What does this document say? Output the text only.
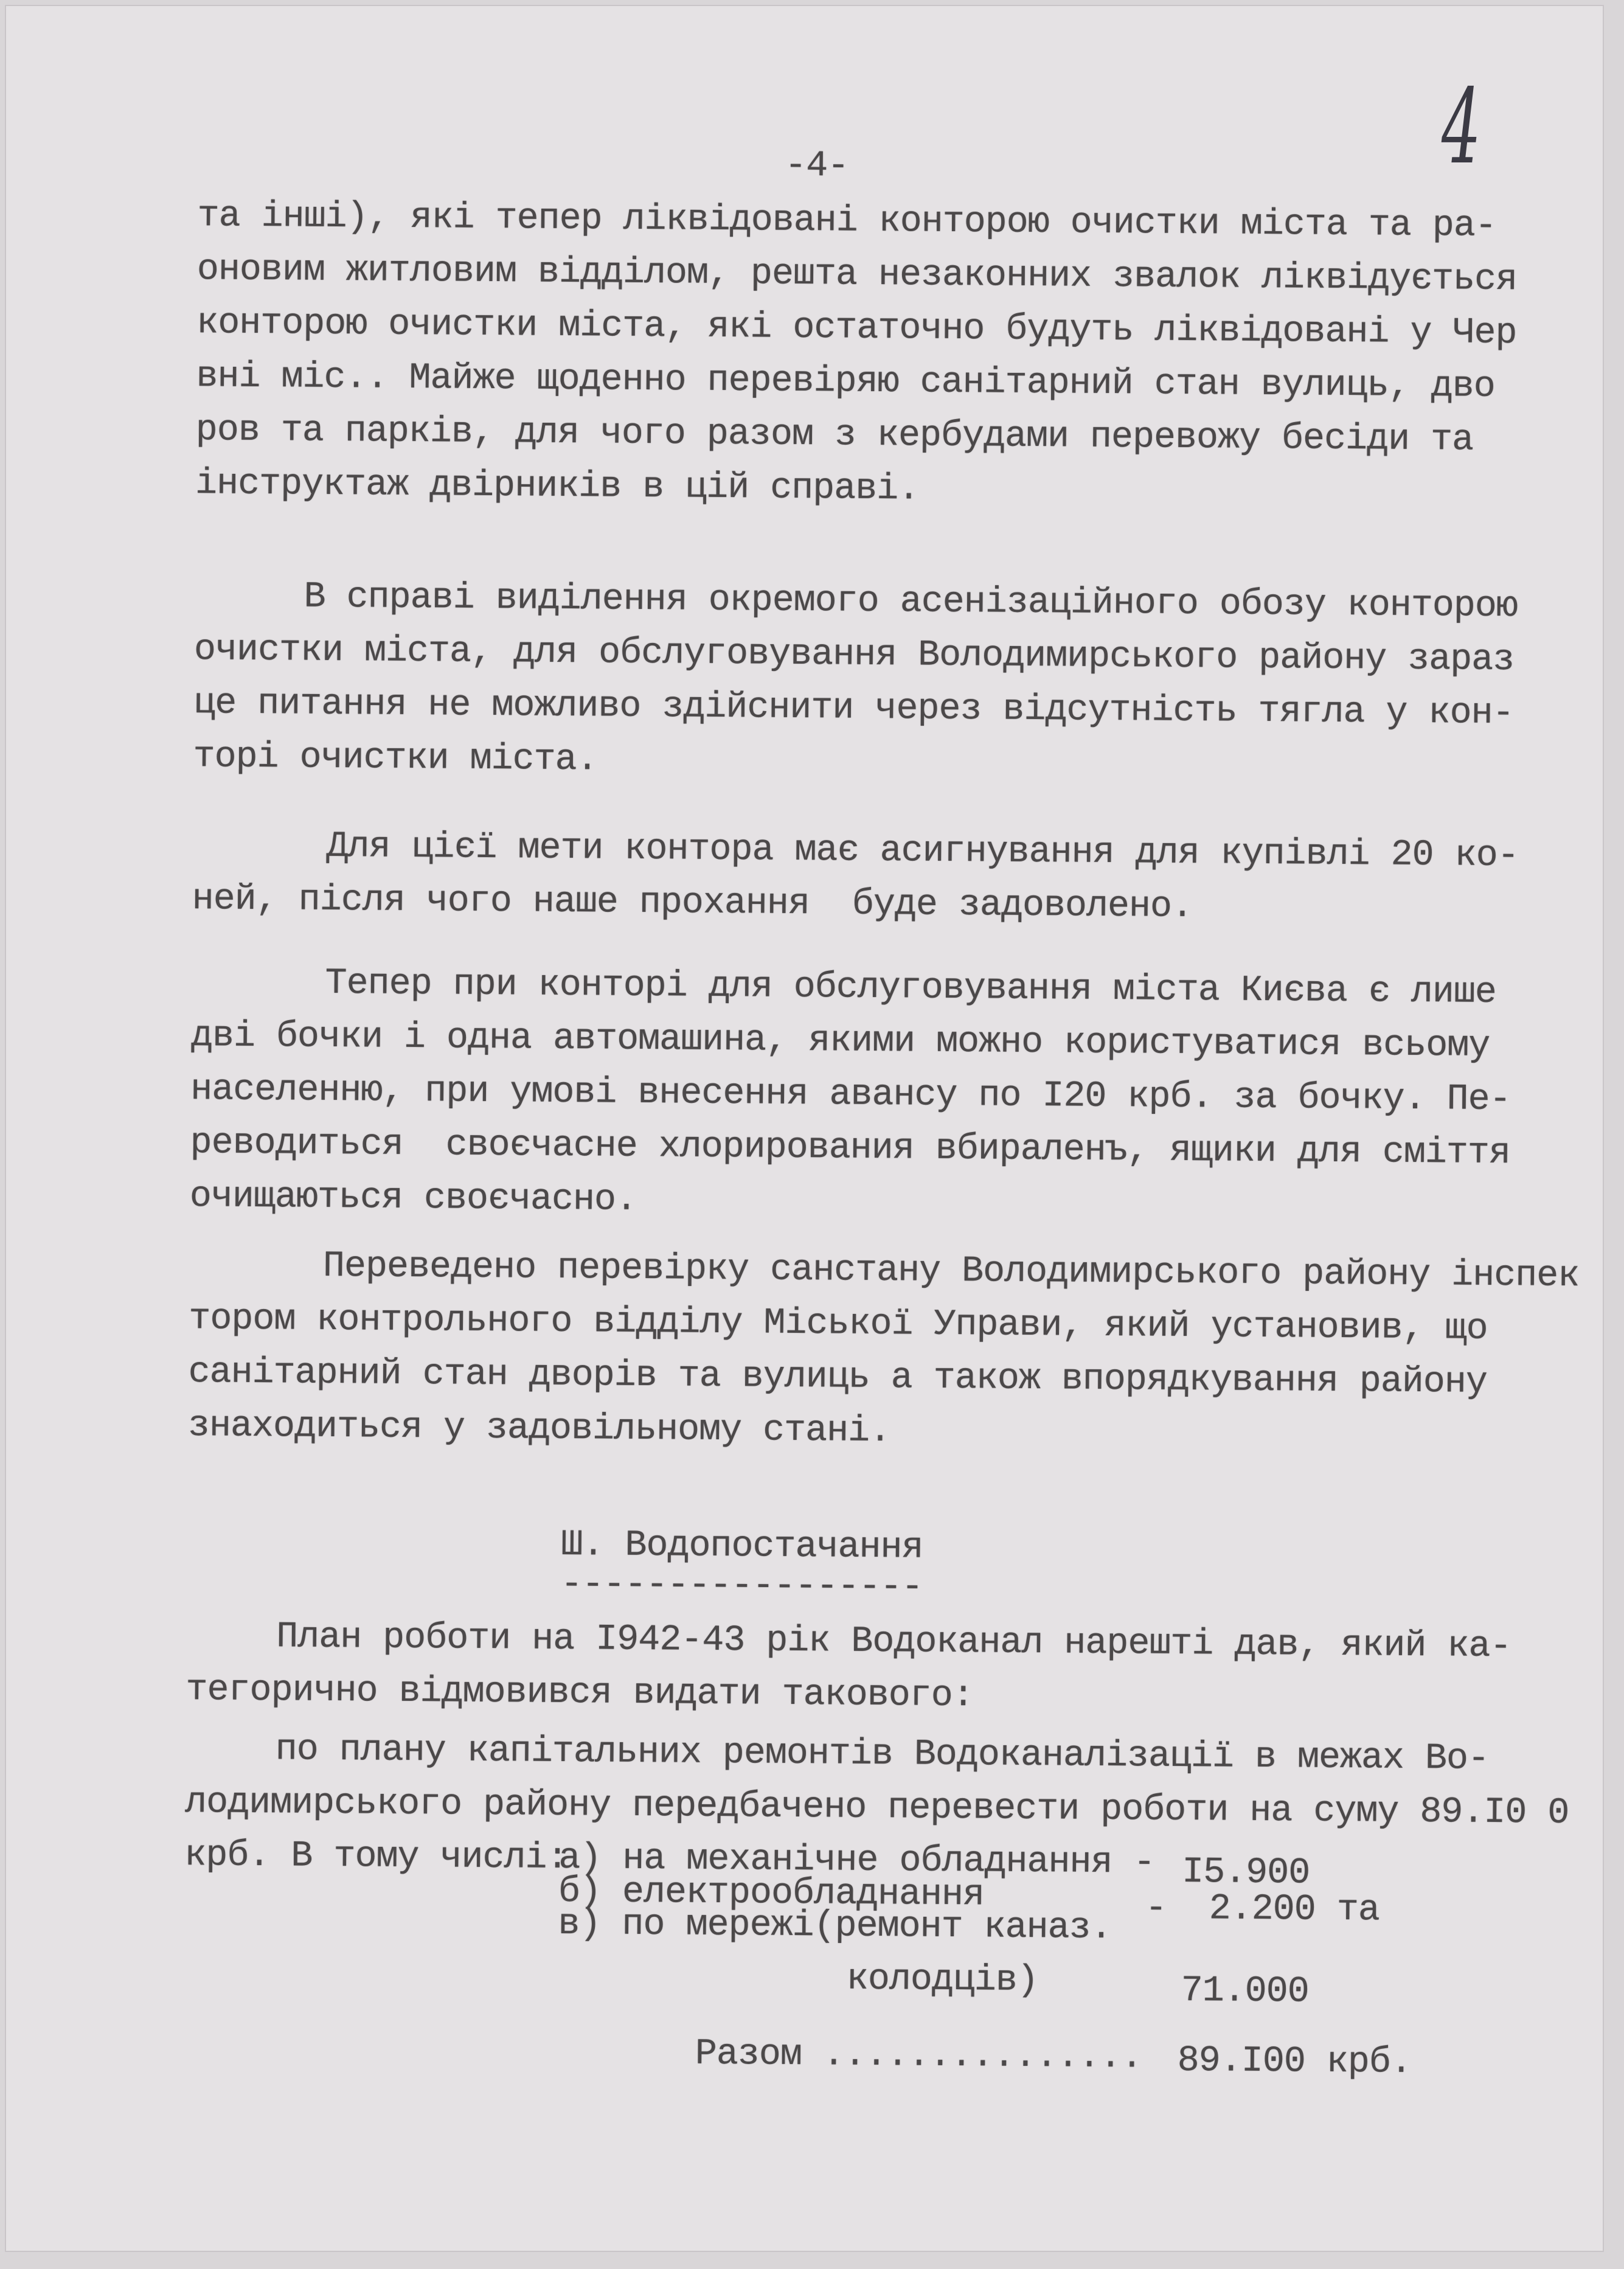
4
-4-
та інші), які тепер ліквідовані конторою очистки міста та ра-
оновим житловим відділом, решта незаконних звалок ліквідується
конторою очистки міста, які остаточно будуть ліквідовані у Чер
вні міс.. Майже щоденно перевіряю санітарний стан вулиць, дво
ров та парків, для чого разом з кербудами перевожу бесіди та
інструктаж двірників в цій справі.
В справі виділення окремого асенізаційного обозу конторою
очистки міста, для обслуговування Володимирського району зараз
це питання не можливо здійснити через відсутність тягла у кон-
торі очистки міста.
Для цієї мети контора має асигнування для купівлі 20 ко-
ней, після чого наше прохання  буде задоволено.
Тепер при конторі для обслуговування міста Києва є лише
дві бочки і одна автомашина, якими можно користуватися всьому
населенню, при умові внесення авансу по I20 крб. за бочку. Пе-
реводиться  своєчасне хлорирования вбираленъ, ящики для сміття
очищаються своєчасно.
Переведено перевірку санстану Володимирського району інспек
тором контрольного відділу Міської Управи, який установив, що
санітарний стан дворів та вулиць а також впорядкування району
знаходиться у задовільному стані.
Ш. Водопостачання
-----------------
План роботи на I942-43 рік Водоканал нарешті дав, який ка-
тегорично відмовився видати такового:
по плану капітальних ремонтів Водоканалізації в межах Во-
лодимирського району передбачено перевести роботи на суму 89.I0 0
крб. В тому числі:
а) на механічне обладнання - I5.900
б) електрообладнання	-  2.200 та
в) по мережі(ремонт каназ.
колодців)	71.000
Разом ............... 89.I00 крб.
